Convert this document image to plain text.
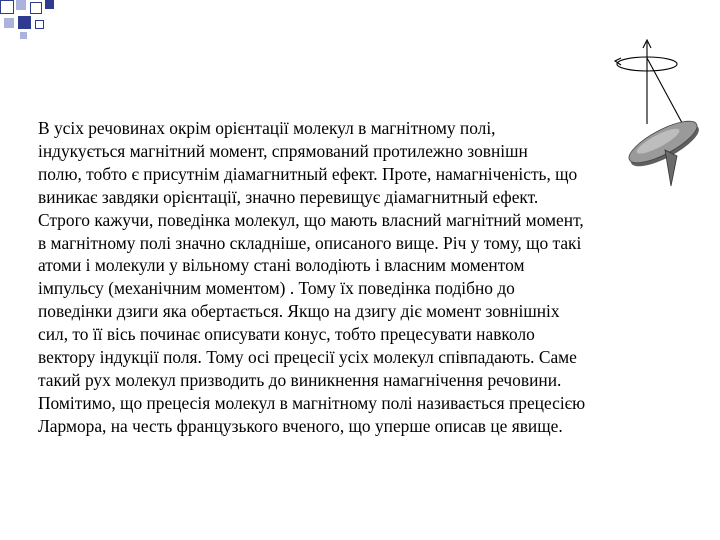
В усіх речовинах окрім орієнтації молекул в магнітному полі,
індукується магнітний момент, спрямований протилежно зовнішн
полю, тобто є присутнім діамагнитный ефект. Проте, намагніченість, що
виникає завдяки орієнтації, значно перевищує діамагнитный ефект.
Строго кажучи, поведінка молекул, що мають власний магнітний момент,
в магнітному полі значно складніше, описаного вище. Річ у тому, що такі
атоми і молекули у вільному стані володіють і власним моментом
імпульсу (механічним моментом) . Тому їх поведінка подібно до
поведінки дзиги яка обертається. Якщо на дзигу діє момент зовнішніх
сил, то її вісь починає описувати конус, тобто прецесувати навколо
вектору індукції поля. Тому осі прецесії усіх молекул співпадають. Саме
такий рух молекул призводить до виникнення намагнічення речовини.
Помітимо, що прецесія молекул в магнітному полі називається прецесією
Лармора, на честь французького вченого, що уперше описав це явище.
